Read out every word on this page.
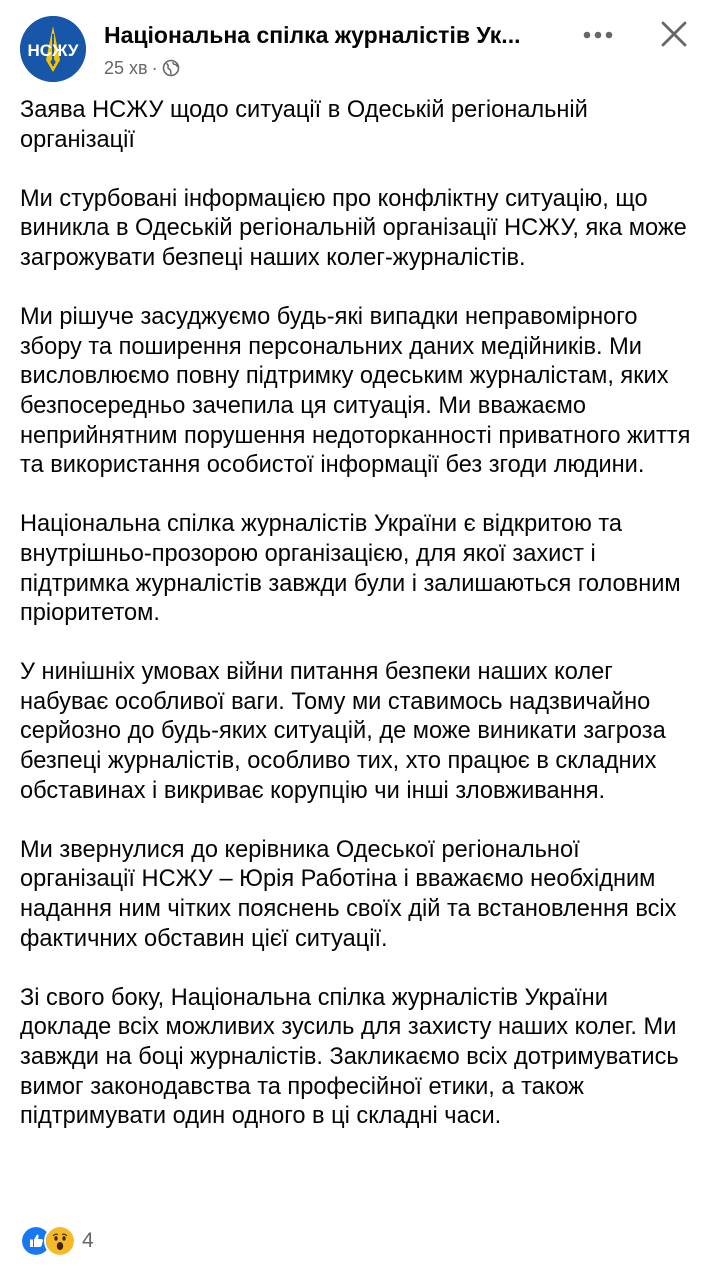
НСЖУ
Національна спілка журналістів Ук...
25 хв ·

Заява НСЖУ щодо ситуації в Одеській регіональній організації

Ми стурбовані інформацією про конфліктну ситуацію, що виникла в Одеській регіональній організації НСЖУ, яка може загрожувати безпеці наших колег-журналістів.

Ми рішуче засуджуємо будь-які випадки неправомірного збору та поширення персональних даних медійників. Ми висловлюємо повну підтримку одеським журналістам, яких безпосередньо зачепила ця ситуація. Ми вважаємо неприйнятним порушення недоторканності приватного життя та використання особистої інформації без згоди людини.

Національна спілка журналістів України є відкритою та внутрішньо-прозорою організацією, для якої захист і підтримка журналістів завжди були і залишаються головним пріоритетом.

У нинішніх умовах війни питання безпеки наших колег набуває особливої ваги. Тому ми ставимось надзвичайно серйозно до будь-яких ситуацій, де може виникати загроза безпеці журналістів, особливо тих, хто працює в складних обставинах і викриває корупцію чи інші зловживання.

Ми звернулися до керівника Одеської регіональної організації НСЖУ – Юрія Работіна і вважаємо необхідним надання ним чітких пояснень своїх дій та встановлення всіх фактичних обставин цієї ситуації.

Зі свого боку, Національна спілка журналістів України докладе всіх можливих зусиль для захисту наших колег. Ми завжди на боці журналістів. Закликаємо всіх дотримуватись вимог законодавства та професійної етики, а також підтримувати один одного в ці складні часи.

4
